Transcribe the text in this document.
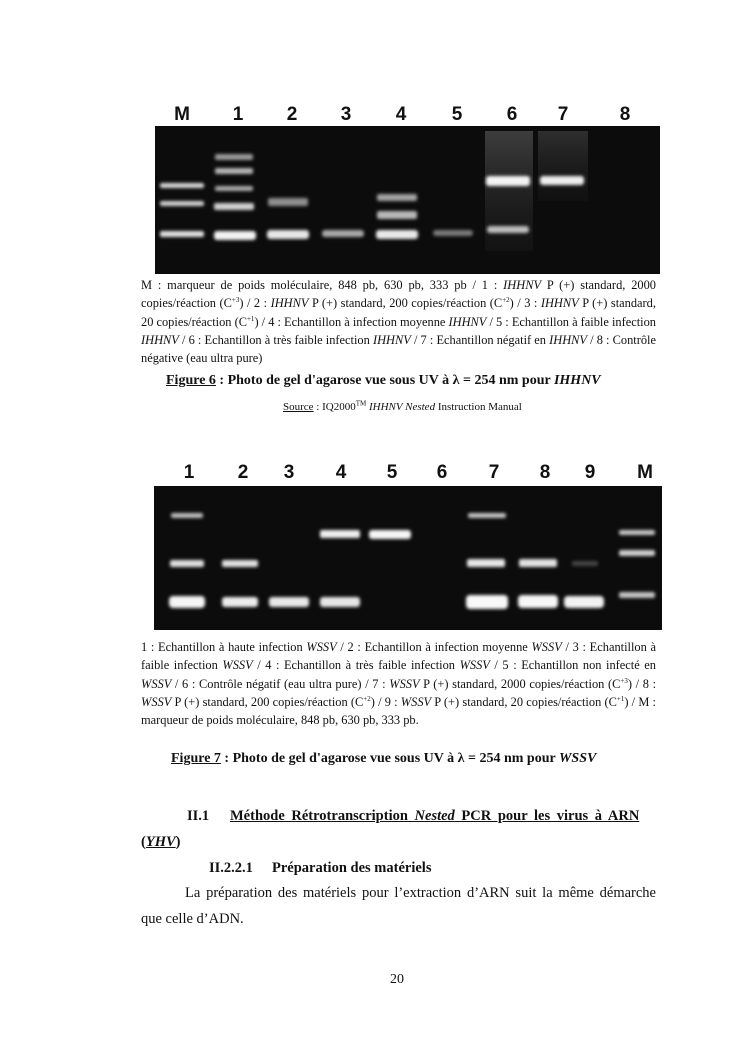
M 1 2 3 4 5 6 7	8
M : marqueur de poids moléculaire, 848 pb, 630 pb, 333 pb / 1 : IHHNV P (+) standard, 2000 copies/réaction $(C^{+3}) / 2$ : IHHNV P (+) standard, 200 copies/réaction $(C^{+2}) / 3$ : IHHNV P (+) standard, 20 copies/réaction $(C^{+1}) / 4$ : Echantillon à infection moyenne IHHNV / 5 : Echantillon à faible infection IHHNV / 6 : Echantillon à très faible infection IHHNV / 7 : Echantillon négatif en IHHNV / 8 : Contrôle négative (eau ultra pure)
Figure 6 : Photo de gel d'agarose vue sous UV à λ = 254 nm pour IHHNV
Source : IQ2000™ IHHNV Nested Instruction Manual
1 2 3 4 5 6 7 8 9 M
1 : Echantillon à haute infection WSSV / 2 : Echantillon à infection moyenne WSSV / 3 : Echantillon à faible infection WSSV / 4 : Echantillon à très faible infection WSSV / 5 : Echantillon non infecté en WSSV / 6 : Contrôle négatif (eau ultra pure) / 7 : WSSV P (+) standard, 2000 copies/réaction $(C^{+3}) / 8$ : WSSV P (+) standard, 200 copies/réaction $(C^{+2}) / 9$ : WSSV P (+) standard, 20 copies/réaction $(C^{+1})$ / M : marqueur de poids moléculaire, 848 pb, 630 pb, 333 pb.
Figure 7 : Photo de gel d'agarose vue sous UV à λ = 254 nm pour WSSV
II.1 Méthode Rétrotranscription Nested PCR pour les virus à ARN
(YHV)
II.2.2.1 Préparation des matériels
La préparation des matériels pour l’extraction d’ARN suit la même démarche que celle d’ADN.
20
